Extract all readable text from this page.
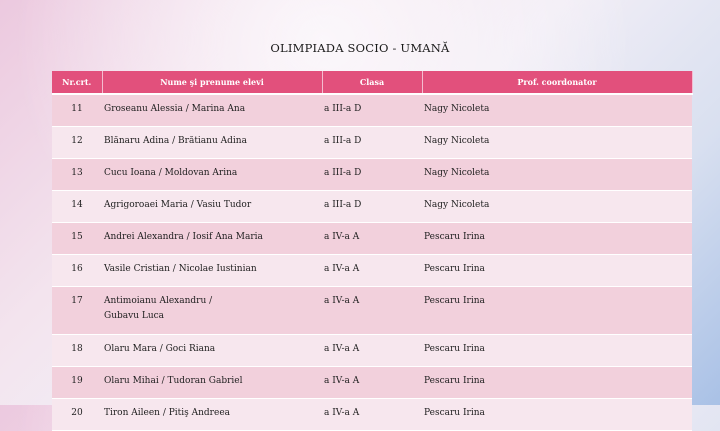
OLIMPIADA SOCIO - UMANĂ
Nr.crt.	Nume şi prenume elevi	Clasa	Prof. coordonator
11	Groseanu Alessia / Marina Ana	a III-a D	Nagy Nicoleta
12	Blănaru Adina / Brătianu Adina	a III-a D	Nagy Nicoleta
13	Cucu Ioana / Moldovan Arina	a III-a D	Nagy Nicoleta
14	Agrigoroaei Maria / Vasiu Tudor	a III-a D	Nagy Nicoleta
15	Andrei Alexandra / Iosif Ana Maria	a IV-a A	Pescaru Irina
16	Vasile Cristian / Nicolae Iustinian	a IV-a A	Pescaru Irina
17	Antimoianu Alexandru /
Gubavu Luca	a IV-a A	Pescaru Irina
18	Olaru Mara / Goci Riana	a IV-a A	Pescaru Irina
19	Olaru Mihai / Tudoran Gabriel	a IV-a A	Pescaru Irina
20	Tiron Aileen / Pitiş Andreea	a IV-a A	Pescaru Irina
